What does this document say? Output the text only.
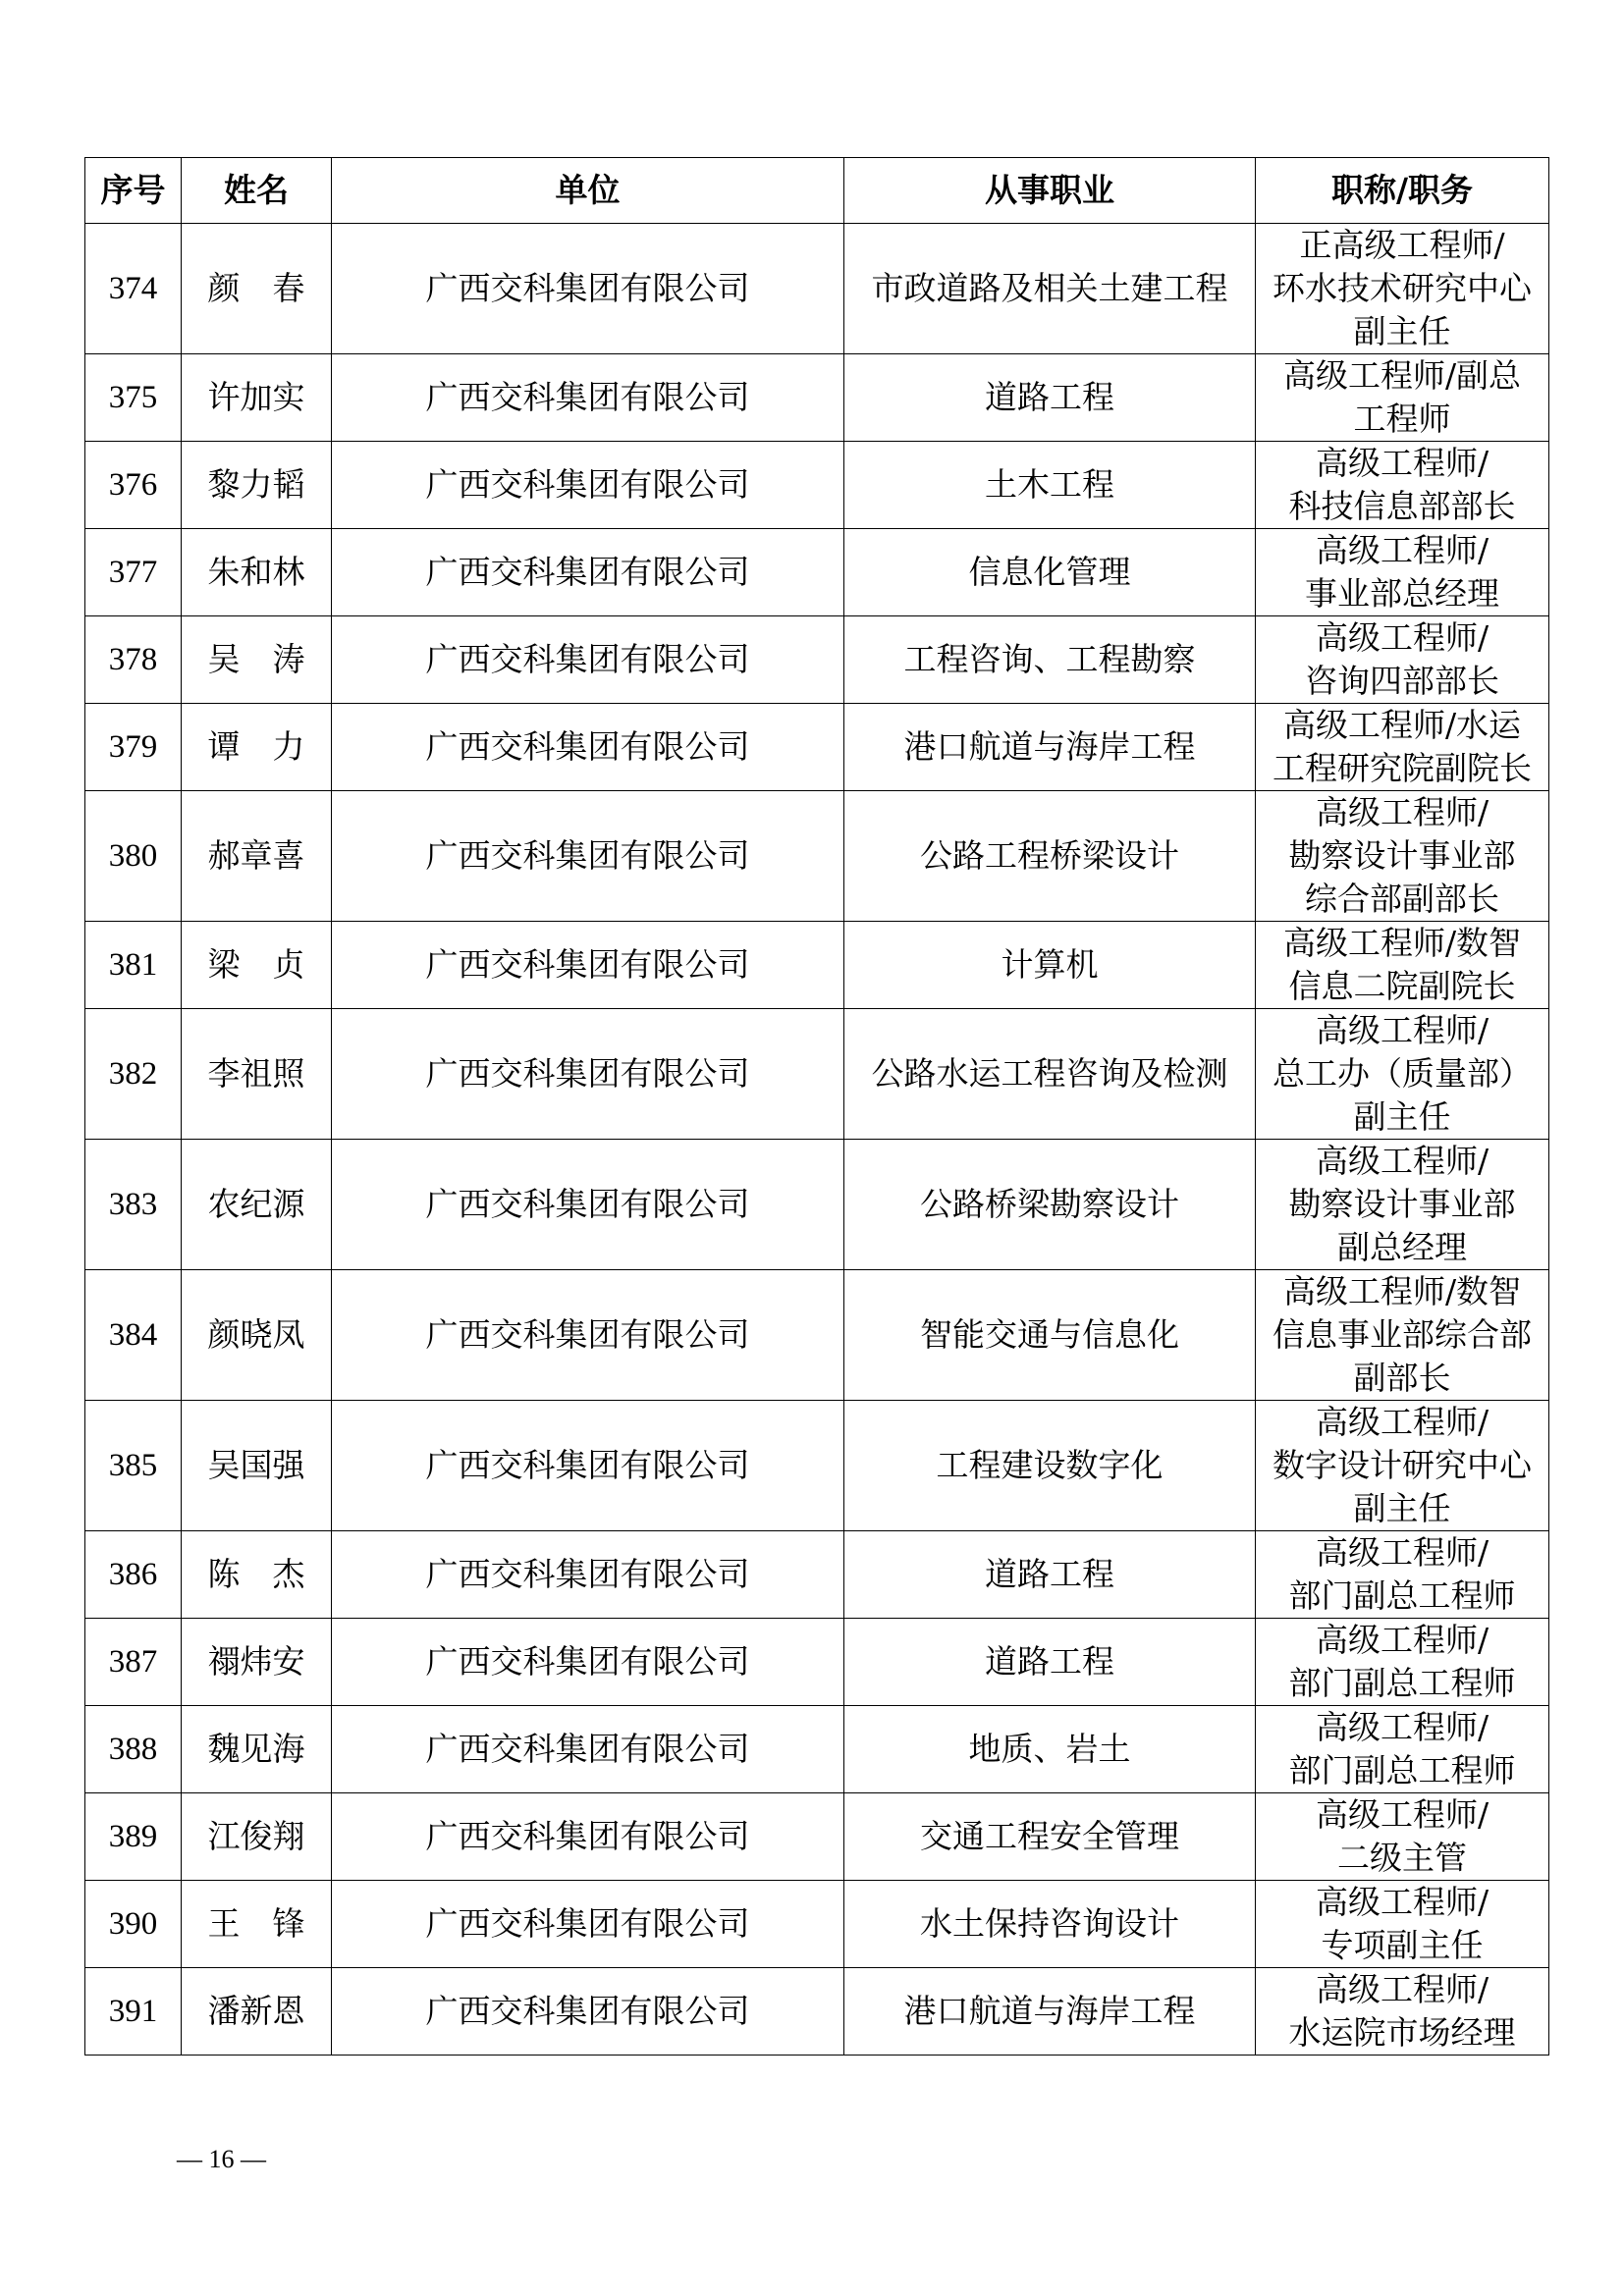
序号	姓名	单位	从事职业	职称/职务
374	颜　春	广西交科集团有限公司	市政道路及相关土建工程	正高级工程师/
环水技术研究中心
副主任
375	许加实	广西交科集团有限公司	道路工程	高级工程师/副总
工程师
376	黎力韬	广西交科集团有限公司	土木工程	高级工程师/
科技信息部部长
377	朱和林	广西交科集团有限公司	信息化管理	高级工程师/
事业部总经理
378	吴　涛	广西交科集团有限公司	工程咨询、工程勘察	高级工程师/
咨询四部部长
379	谭　力	广西交科集团有限公司	港口航道与海岸工程	高级工程师/水运
工程研究院副院长
380	郝章喜	广西交科集团有限公司	公路工程桥梁设计	高级工程师/
勘察设计事业部
综合部副部长
381	梁　贞	广西交科集团有限公司	计算机	高级工程师/数智
信息二院副院长
382	李祖照	广西交科集团有限公司	公路水运工程咨询及检测	高级工程师/
总工办（质量部）
副主任
383	农纪源	广西交科集团有限公司	公路桥梁勘察设计	高级工程师/
勘察设计事业部
副总经理
384	颜晓凤	广西交科集团有限公司	智能交通与信息化	高级工程师/数智
信息事业部综合部
副部长
385	吴国强	广西交科集团有限公司	工程建设数字化	高级工程师/
数字设计研究中心
副主任
386	陈　杰	广西交科集团有限公司	道路工程	高级工程师/
部门副总工程师
387	禤炜安	广西交科集团有限公司	道路工程	高级工程师/
部门副总工程师
388	魏见海	广西交科集团有限公司	地质、岩土	高级工程师/
部门副总工程师
389	江俊翔	广西交科集团有限公司	交通工程安全管理	高级工程师/
二级主管
390	王　锋	广西交科集团有限公司	水土保持咨询设计	高级工程师/
专项副主任
391	潘新恩	广西交科集团有限公司	港口航道与海岸工程	高级工程师/
水运院市场经理
— 16 —
